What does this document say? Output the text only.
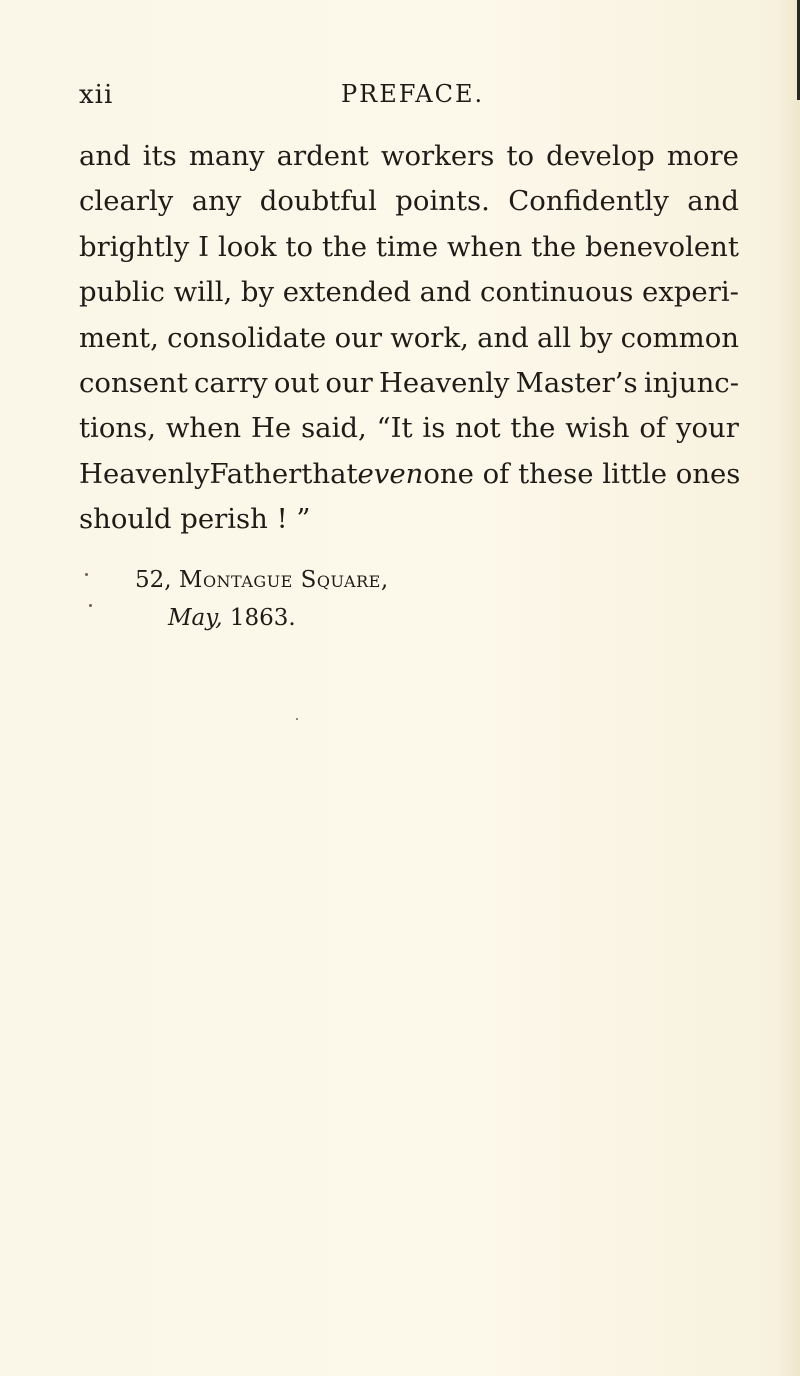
xii	PREFACE.
and its many ardent workers to develop more
clearly any doubtful points. Confidently and
brightly I look to the time when the benevolent
public will, by extended and continuous experi-
ment, consolidate our work, and all by common
consent carry out our Heavenly Master’s injunc-
tions, when He said, “It is not the wish of your
Heavenly Father that even one of these little ones
should perish ! ”
52, Montague Square,
May, 1863.
